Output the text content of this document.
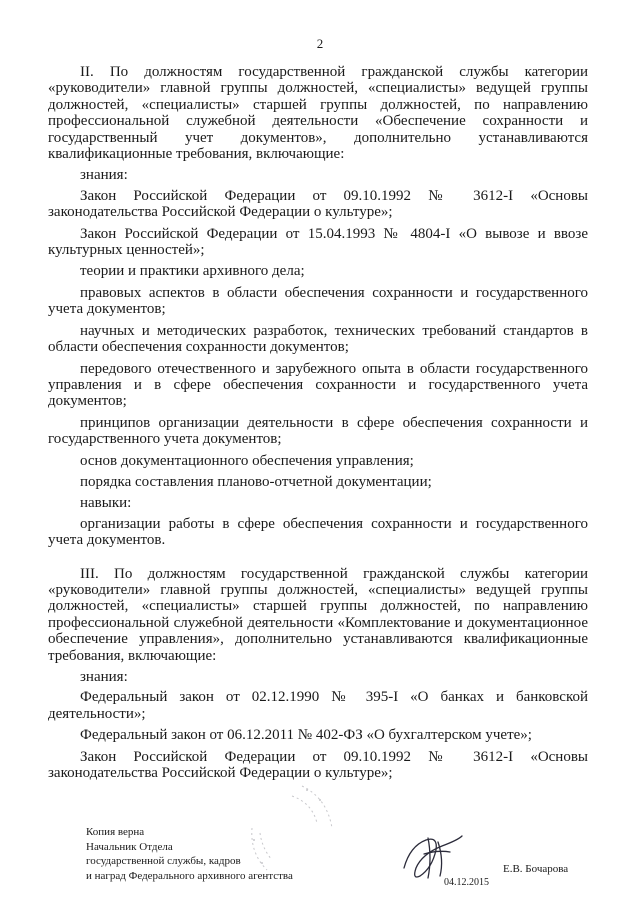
2

II. По должностям государственной гражданской службы категории «руководители» главной группы должностей, «специалисты» ведущей группы должностей, «специалисты» старшей группы должностей, по направлению профессиональной служебной деятельности «Обеспечение сохранности и государственный учет документов», дополнительно устанавливаются квалификационные требования, включающие:

знания:

Закон Российской Федерации от 09.10.1992 № 3612-I «Основы законодательства Российской Федерации о культуре»;

Закон Российской Федерации от 15.04.1993 № 4804-I «О вывозе и ввозе культурных ценностей»;

теории и практики архивного дела;

правовых аспектов в области обеспечения сохранности и государственного учета документов;

научных и методических разработок, технических требований стандартов в области обеспечения сохранности документов;

передового отечественного и зарубежного опыта в области государственного управления и в сфере обеспечения сохранности и государственного учета документов;

принципов организации деятельности в сфере обеспечения сохранности и государственного учета документов;

основ документационного обеспечения управления;

порядка составления планово-отчетной документации;

навыки:

организации работы в сфере обеспечения сохранности и государственного учета документов.

III. По должностям государственной гражданской службы категории «руководители» главной группы должностей, «специалисты» ведущей группы должностей, «специалисты» старшей группы должностей, по направлению профессиональной служебной деятельности «Комплектование и документационное обеспечение управления», дополнительно устанавливаются квалификационные требования, включающие:

знания:

Федеральный закон от 02.12.1990 № 395-I «О банках и банковской деятельности»;

Федеральный закон от 06.12.2011 № 402-ФЗ «О бухгалтерском учете»;

Закон Российской Федерации от 09.10.1992 № 3612-I «Основы законодательства Российской Федерации о культуре»;

Копия верна
Начальник Отдела
государственной службы, кадров
и наград Федерального архивного агентства
Е.В. Бочарова
04.12.2015
